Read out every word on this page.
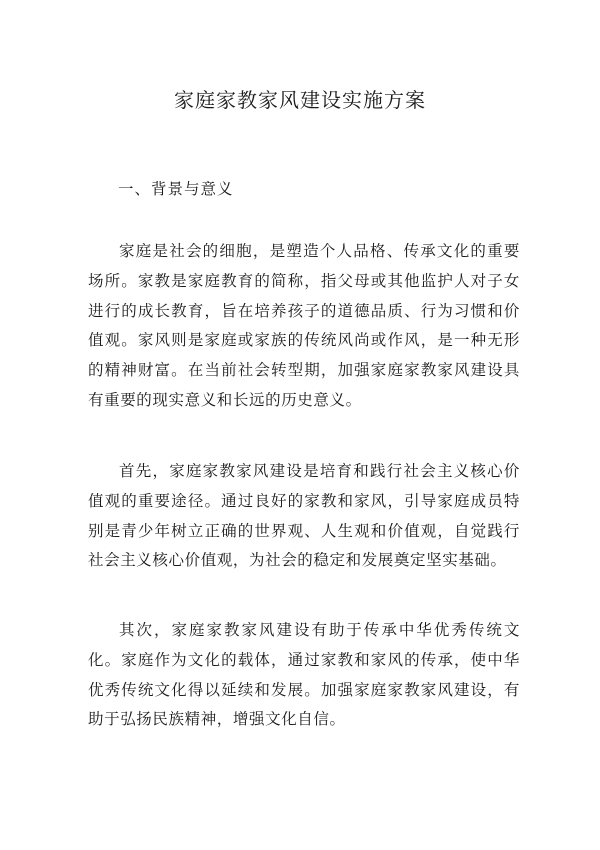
家庭家教家风建设实施方案
一、背景与意义

家庭是社会的细胞，是塑造个人品格、传承文化的重要场所。家教是家庭教育的简称，指父母或其他监护人对子女进行的成长教育，旨在培养孩子的道德品质、行为习惯和价值观。家风则是家庭或家族的传统风尚或作风，是一种无形的精神财富。在当前社会转型期，加强家庭家教家风建设具有重要的现实意义和长远的历史意义。

首先，家庭家教家风建设是培育和践行社会主义核心价值观的重要途径。通过良好的家教和家风，引导家庭成员特别是青少年树立正确的世界观、人生观和价值观，自觉践行社会主义核心价值观，为社会的稳定和发展奠定坚实基础。

其次，家庭家教家风建设有助于传承中华优秀传统文化。家庭作为文化的载体，通过家教和家风的传承，使中华优秀传统文化得以延续和发展。加强家庭家教家风建设，有助于弘扬民族精神，增强文化自信。
